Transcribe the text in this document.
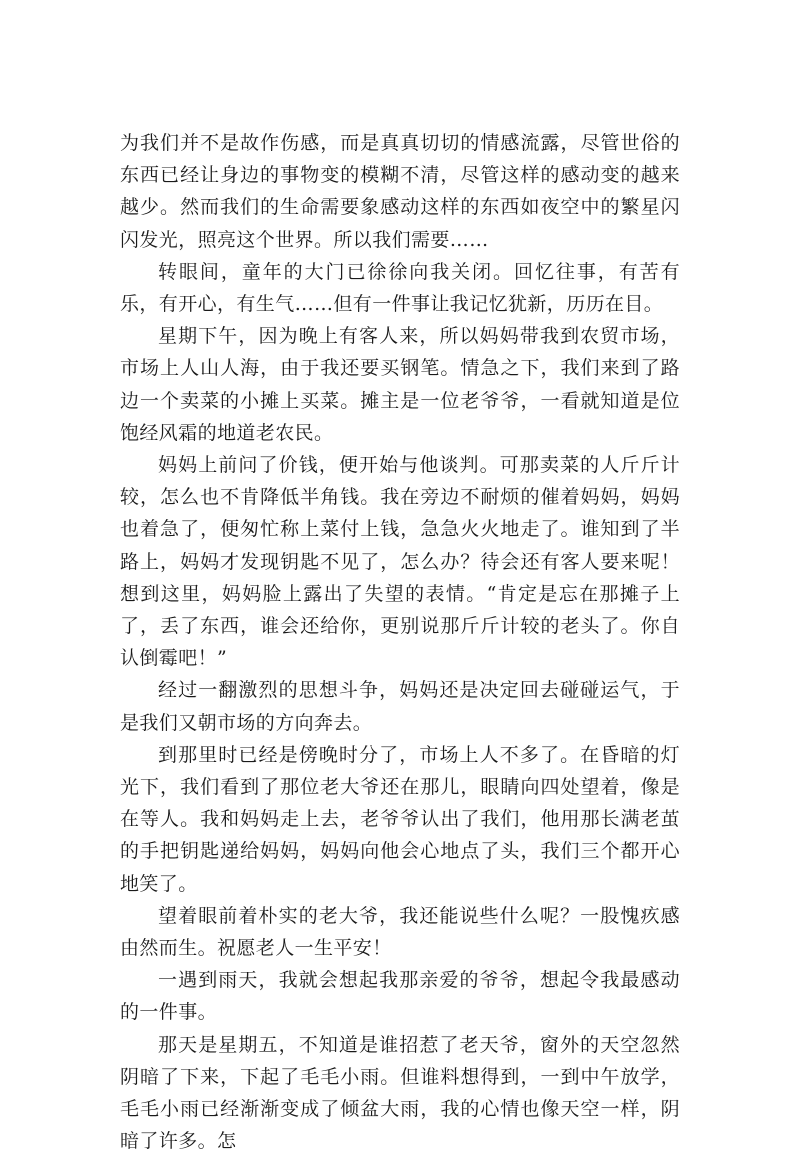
为我们并不是故作伤感，而是真真切切的情感流露，尽管世俗的东西已经让身边的事物变的模糊不清，尽管这样的感动变的越来越少。然而我们的生命需要象感动这样的东西如夜空中的繁星闪闪发光，照亮这个世界。所以我们需要……

转眼间，童年的大门已徐徐向我关闭。回忆往事，有苦有乐，有开心，有生气……但有一件事让我记忆犹新，历历在目。

星期下午，因为晚上有客人来，所以妈妈带我到农贸市场，市场上人山人海，由于我还要买钢笔。情急之下，我们来到了路边一个卖菜的小摊上买菜。摊主是一位老爷爷，一看就知道是位饱经风霜的地道老农民。

妈妈上前问了价钱，便开始与他谈判。可那卖菜的人斤斤计较，怎么也不肯降低半角钱。我在旁边不耐烦的催着妈妈，妈妈也着急了，便匆忙称上菜付上钱，急急火火地走了。谁知到了半路上，妈妈才发现钥匙不见了，怎么办？待会还有客人要来呢！想到这里，妈妈脸上露出了失望的表情。“肯定是忘在那摊子上了，丢了东西，谁会还给你，更别说那斤斤计较的老头了。你自认倒霉吧！”

经过一翻激烈的思想斗争，妈妈还是决定回去碰碰运气，于是我们又朝市场的方向奔去。

到那里时已经是傍晚时分了，市场上人不多了。在昏暗的灯光下，我们看到了那位老大爷还在那儿，眼睛向四处望着，像是在等人。我和妈妈走上去，老爷爷认出了我们，他用那长满老茧的手把钥匙递给妈妈，妈妈向他会心地点了头，我们三个都开心地笑了。

望着眼前着朴实的老大爷，我还能说些什么呢？一股愧疚感由然而生。祝愿老人一生平安！

一遇到雨天，我就会想起我那亲爱的爷爷，想起令我最感动的一件事。

那天是星期五，不知道是谁招惹了老天爷，窗外的天空忽然阴暗了下来，下起了毛毛小雨。但谁料想得到，一到中午放学，毛毛小雨已经渐渐变成了倾盆大雨，我的心情也像天空一样，阴暗了许多。怎
